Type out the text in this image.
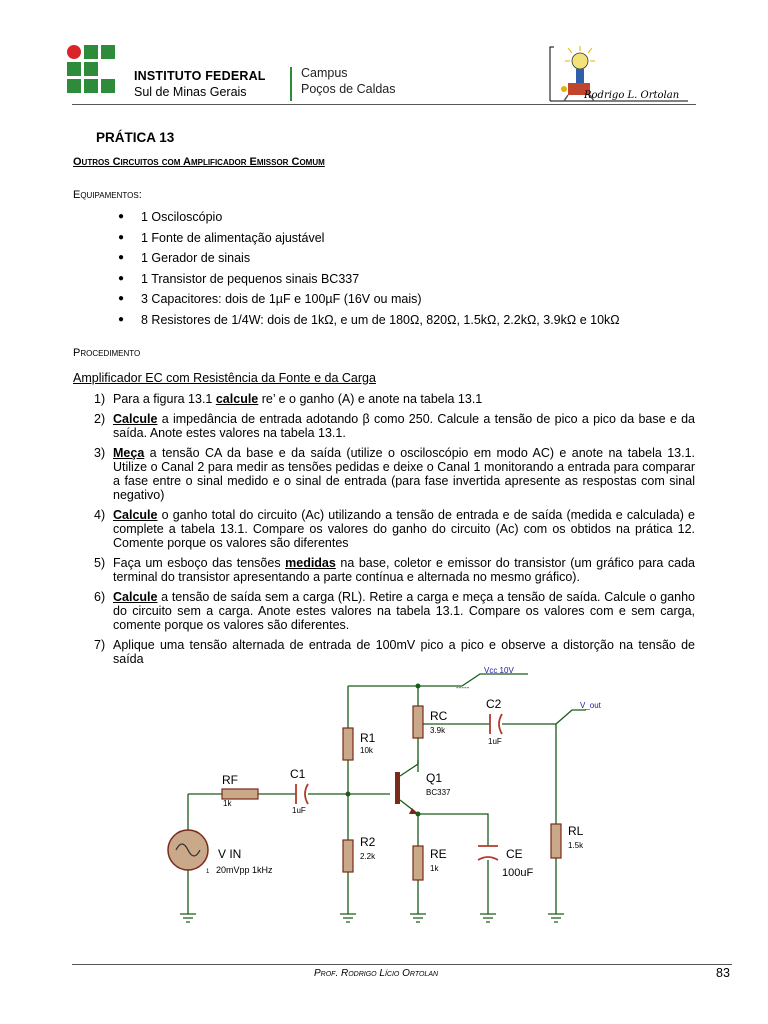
INSTITUTO FEDERAL
Sul de Minas Gerais
Campus
Poços de Caldas	Rodrigo L. Ortolan
PRÁTICA 13
Outros Circuitos com Amplificador Emissor Comum
Equipamentos:
● 1 Osciloscópio
● 1 Fonte de alimentação ajustável
● 1 Gerador de sinais
● 1 Transistor de pequenos sinais BC337
● 3 Capacitores: dois de 1µF e 100µF (16V ou mais)
● 8 Resistores de 1/4W: dois de 1kΩ, e um de 180Ω, 820Ω, 1.5kΩ, 2.2kΩ, 3.9kΩ e 10kΩ
Procedimento
Amplificador EC com Resistência da Fonte e da Carga
1) Para a figura 13.1 calcule re’ e o ganho (A) e anote na tabela 13.1
2) Calcule a impedância de entrada adotando β como 250. Calcule a tensão de pico a pico da base e da saída. Anote estes valores na tabela 13.1.
3) Meça a tensão CA da base e da saída (utilize o osciloscópio em modo AC) e anote na tabela 13.1. Utilize o Canal 2 para medir as tensões pedidas e deixe o Canal 1 monitorando a entrada para comparar a fase entre o sinal medido e o sinal de entrada (para fase invertida apresente as respostas com sinal negativo)
4) Calcule o ganho total do circuito (Ac) utilizando a tensão de entrada e de saída (medida e calculada) e complete a tabela 13.1. Compare os valores do ganho do circuito (Ac) com os obtidos na prática 12. Comente porque os valores são diferentes
5) Faça um esboço das tensões medidas na base, coletor e emissor do transistor (um gráfico para cada terminal do transistor apresentando a parte contínua e alternada no mesmo gráfico).
6) Calcule a tensão de saída sem a carga (RL). Retire a carga e meça a tensão de saída. Calcule o ganho do circuito sem a carga. Anote estes valores na tabela 13.1. Compare os valores com e sem carga, comente porque os valores são diferentes.
7) Aplique uma tensão alternada de entrada de 100mV pico a pico e observe a distorção na tensão de saída
-----
Vcc 10V
V_out
RC
3.9k
C2
1uF
R1
10k
Q1
BC337
RF
1k
C1
1uF
RL
1.5k
R2
2.2k	RE
1k
CE
100uF
V IN
1 20mVpp 1kHz
Prof. Rodrigo Lício Ortolan	83
